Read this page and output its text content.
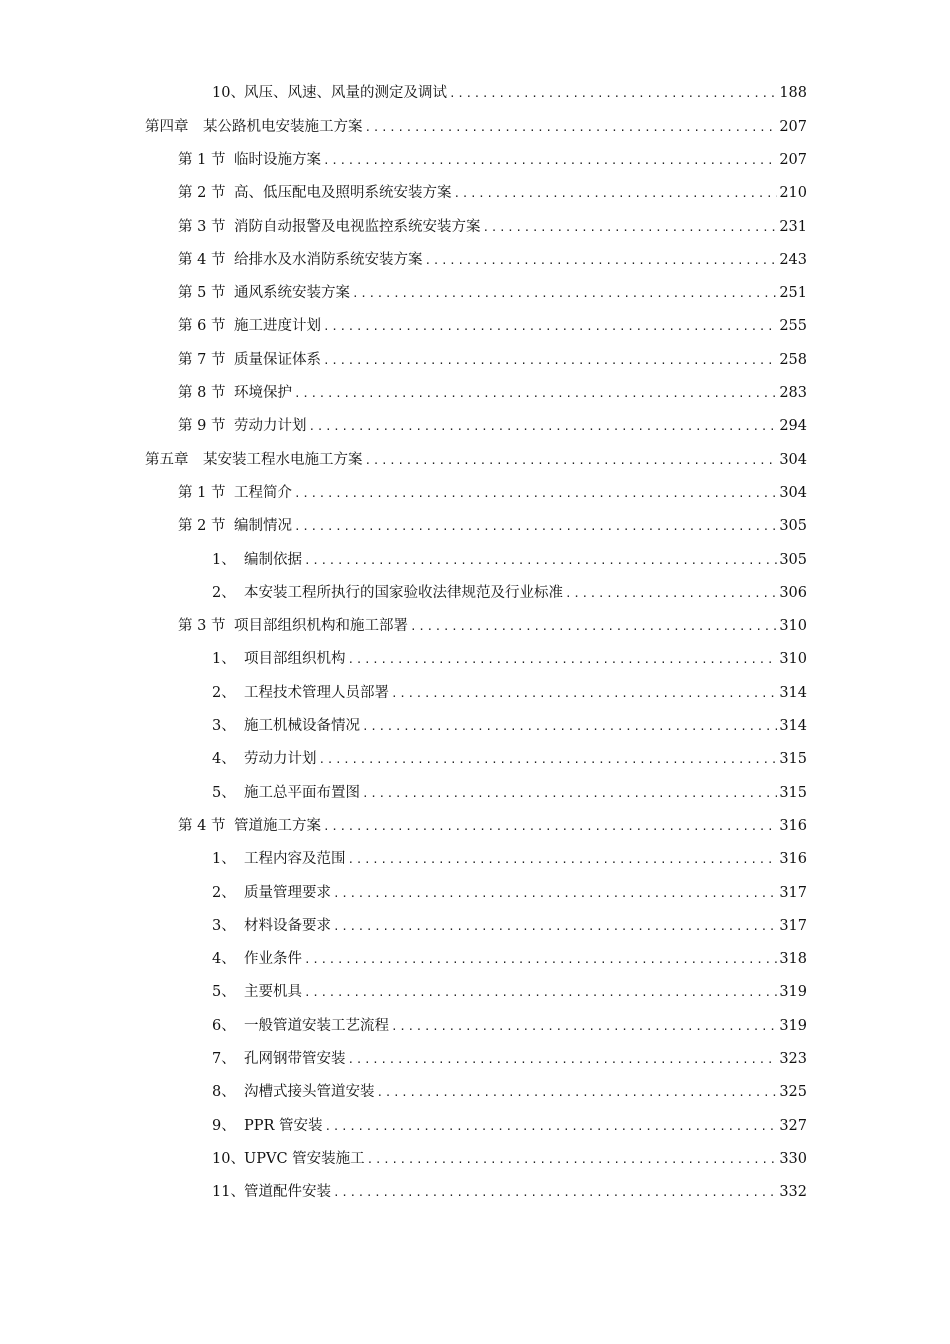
10、 风压、风速、风量的测定及调试 .....	188
第四章	某公路机电安装施工方案 .....	207
第 1 节 临时设施方案 .....	207
第 2 节 高、低压配电及照明系统安装方案 .....	210
第 3 节 消防自动报警及电视监控系统安装方案 .....	231
第 4 节 给排水及水消防系统安装方案 .....	243
第 5 节 通风系统安装方案 .....	251
第 6 节 施工进度计划 .....	255
第 7 节 质量保证体系 .....	258
第 8 节 环境保护 .....	283
第 9 节 劳动力计划 .....	294
第五章	某安装工程水电施工方案 .....	304
第 1 节 工程简介 .....	304
第 2 节 编制情况 .....	305
1、 编制依据 .....	305
2、 本安装工程所执行的国家验收法律规范及行业标准 .....	306
第 3 节 项目部组织机构和施工部署 .....	310
1、 项目部组织机构 .....	310
2、 工程技术管理人员部署 .....	314
3、 施工机械设备情况 .....	314
4、 劳动力计划 .....	315
5、 施工总平面布置图 .....	315
第 4 节 管道施工方案 .....	316
1、 工程内容及范围 .....	316
2、 质量管理要求 .....	317
3、 材料设备要求 .....	317
4、 作业条件 .....	318
5、 主要机具 .....	319
6、 一般管道安装工艺流程 .....	319
7、 孔网钢带管安装 .....	323
8、 沟槽式接头管道安装 .....	325
9、 PPR 管安装 .....	327
10、 UPVC 管安装施工 .....	330
11、 管道配件安装 .....	332
